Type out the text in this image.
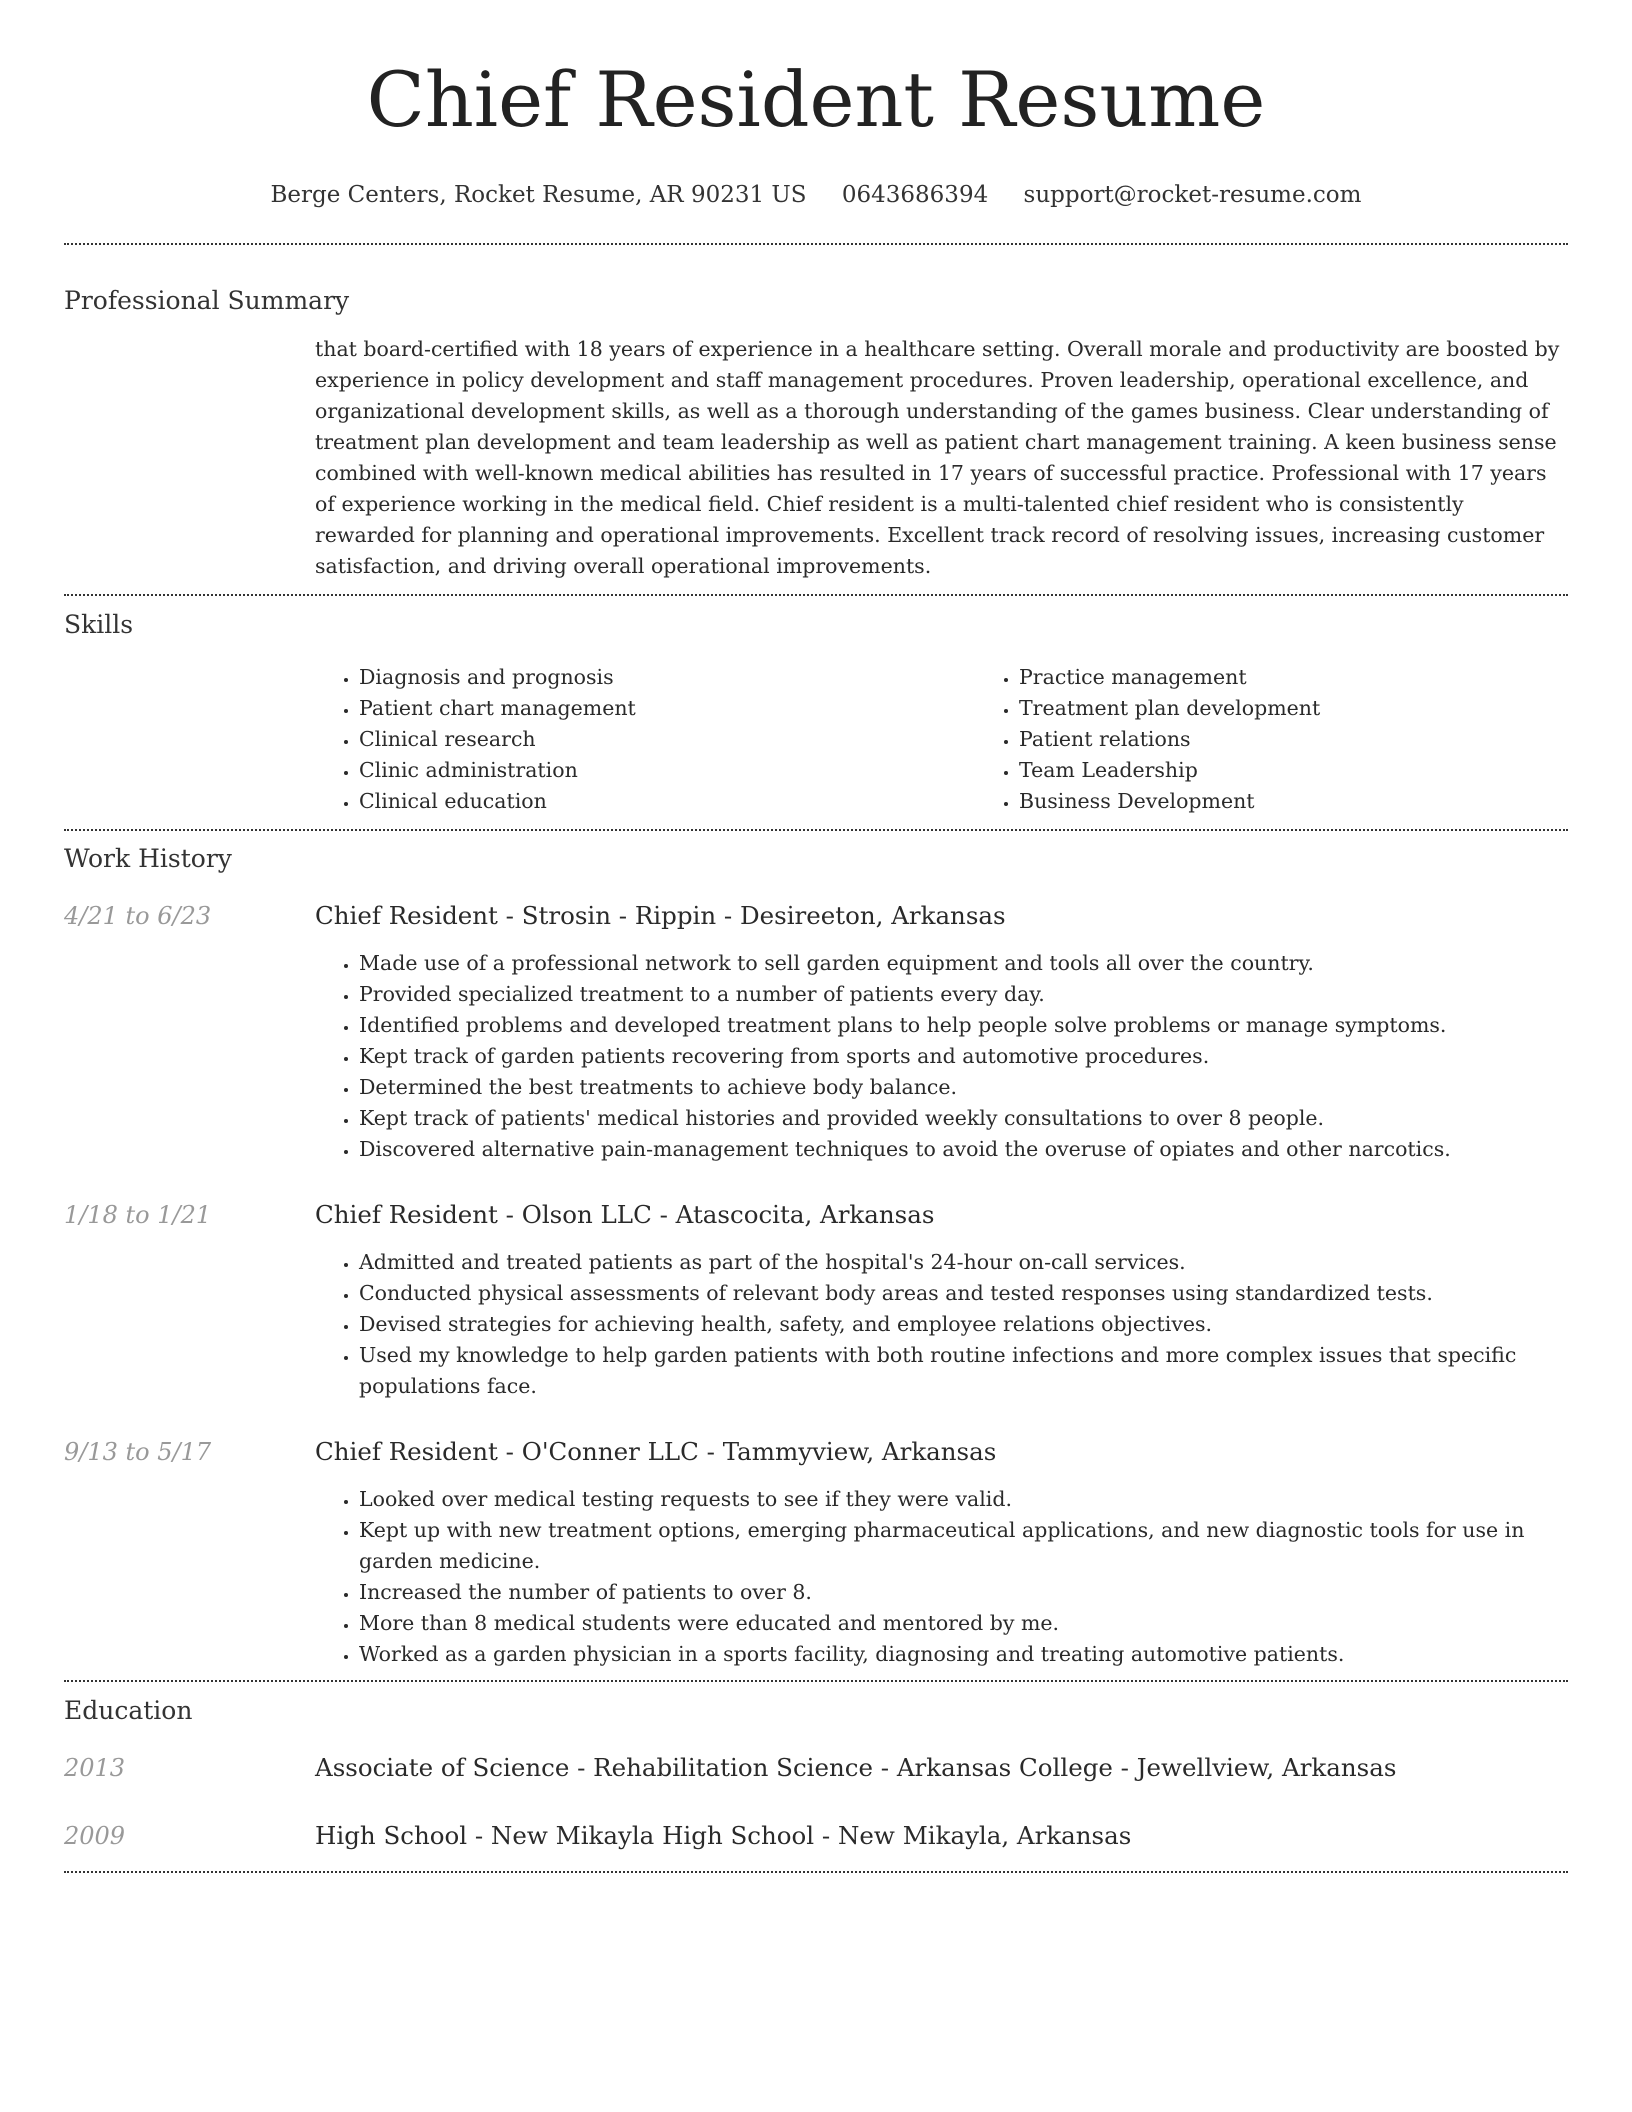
Chief Resident Resume
Berge Centers, Rocket Resume, AR 90231 US 0643686394 support@rocket-resume.com
Professional Summary

that board-certified with 18 years of experience in a healthcare setting. Overall morale and productivity are boosted by experience in policy development and staff management procedures. Proven leadership, operational excellence, and organizational development skills, as well as a thorough understanding of the games business. Clear understanding of treatment plan development and team leadership as well as patient chart management training. A keen business sense combined with well-known medical abilities has resulted in 17 years of successful practice. Professional with 17 years of experience working in the medical field. Chief resident is a multi-talented chief resident who is consistently rewarded for planning and operational improvements. Excellent track record of resolving issues, increasing customer satisfaction, and driving overall operational improvements.

Skills
• Diagnosis and prognosis
• Patient chart management
• Clinical research
• Clinic administration
• Clinical education
• Practice management
• Treatment plan development
• Patient relations
• Team Leadership
• Business Development
Work History
4/21 to 6/23	Chief Resident - Strosin - Rippin - Desireeton, Arkansas
• Made use of a professional network to sell garden equipment and tools all over the country.
• Provided specialized treatment to a number of patients every day.
• Identified problems and developed treatment plans to help people solve problems or manage symptoms.
• Kept track of garden patients recovering from sports and automotive procedures.
• Determined the best treatments to achieve body balance.
• Kept track of patients' medical histories and provided weekly consultations to over 8 people.
• Discovered alternative pain-management techniques to avoid the overuse of opiates and other narcotics.
1/18 to 1/21	Chief Resident - Olson LLC - Atascocita, Arkansas
• Admitted and treated patients as part of the hospital's 24-hour on-call services.
• Conducted physical assessments of relevant body areas and tested responses using standardized tests.
• Devised strategies for achieving health, safety, and employee relations objectives.
• Used my knowledge to help garden patients with both routine infections and more complex issues that specific populations face.
9/13 to 5/17	Chief Resident - O'Conner LLC - Tammyview, Arkansas
• Looked over medical testing requests to see if they were valid.
• Kept up with new treatment options, emerging pharmaceutical applications, and new diagnostic tools for use in garden medicine.
• Increased the number of patients to over 8.
• More than 8 medical students were educated and mentored by me.
• Worked as a garden physician in a sports facility, diagnosing and treating automotive patients.
Education
2013	Associate of Science - Rehabilitation Science - Arkansas College - Jewellview, Arkansas
2009	High School - New Mikayla High School - New Mikayla, Arkansas
